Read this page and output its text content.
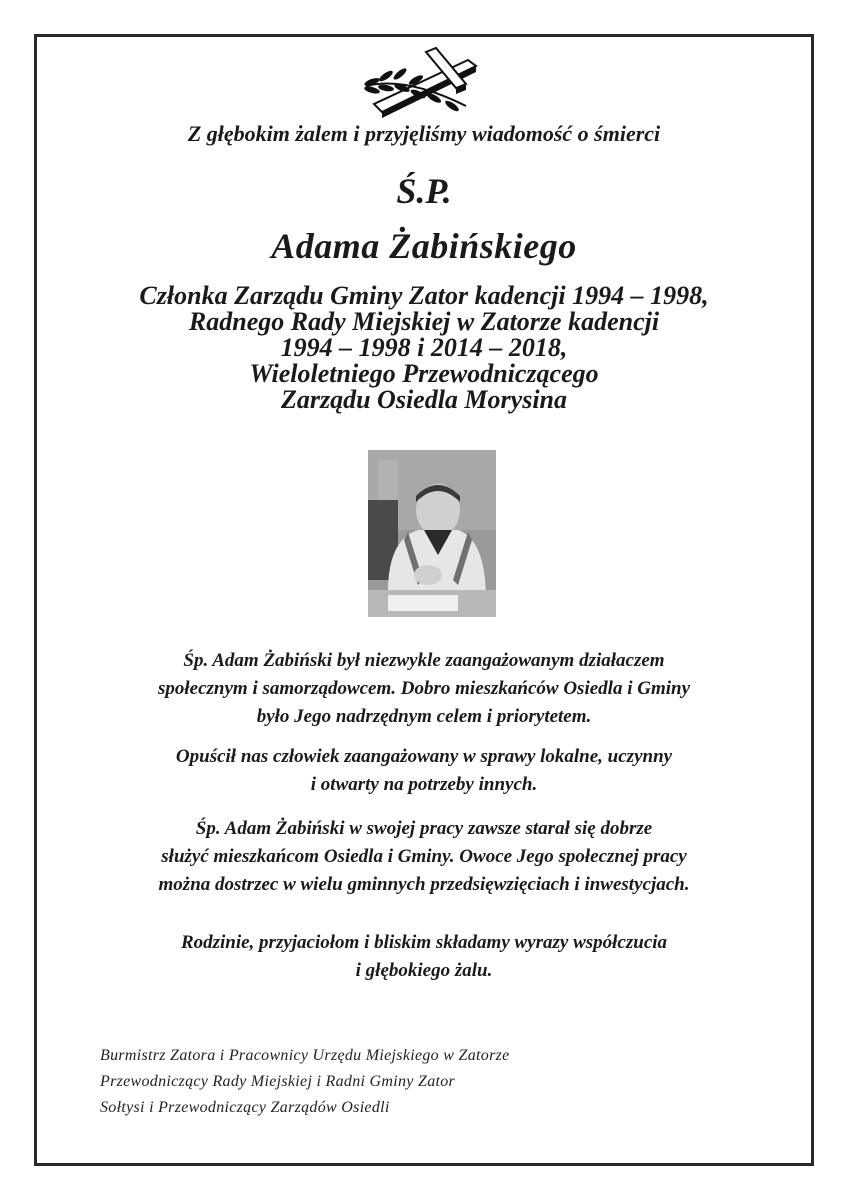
Z głębokim żalem i przyjęliśmy wiadomość o śmierci
Ś.P.
Adama Żabińskiego
Członka Zarządu Gminy Zator kadencji 1994 – 1998,
Radnego Rady Miejskiej w Zatorze kadencji
1994 – 1998 i 2014 – 2018,
Wieloletniego Przewodniczącego
Zarządu Osiedla Morysina
Śp. Adam Żabiński był niezwykle zaangażowanym działaczem
społecznym i samorządowcem. Dobro mieszkańców Osiedla i Gminy
było Jego nadrzędnym celem i priorytetem.
Opuścił nas człowiek zaangażowany w sprawy lokalne, uczynny
i otwarty na potrzeby innych.
Śp. Adam Żabiński w swojej pracy zawsze starał się dobrze
służyć mieszkańcom Osiedla i Gminy. Owoce Jego społecznej pracy
można dostrzec w wielu gminnych przedsięwzięciach i inwestycjach.
Rodzinie, przyjaciołom i bliskim składamy wyrazy współczucia
i głębokiego żalu.
Burmistrz Zatora i Pracownicy Urzędu Miejskiego w Zatorze
Przewodniczący Rady Miejskiej i Radni Gminy Zator
Sołtysi i Przewodniczący Zarządów Osiedli
